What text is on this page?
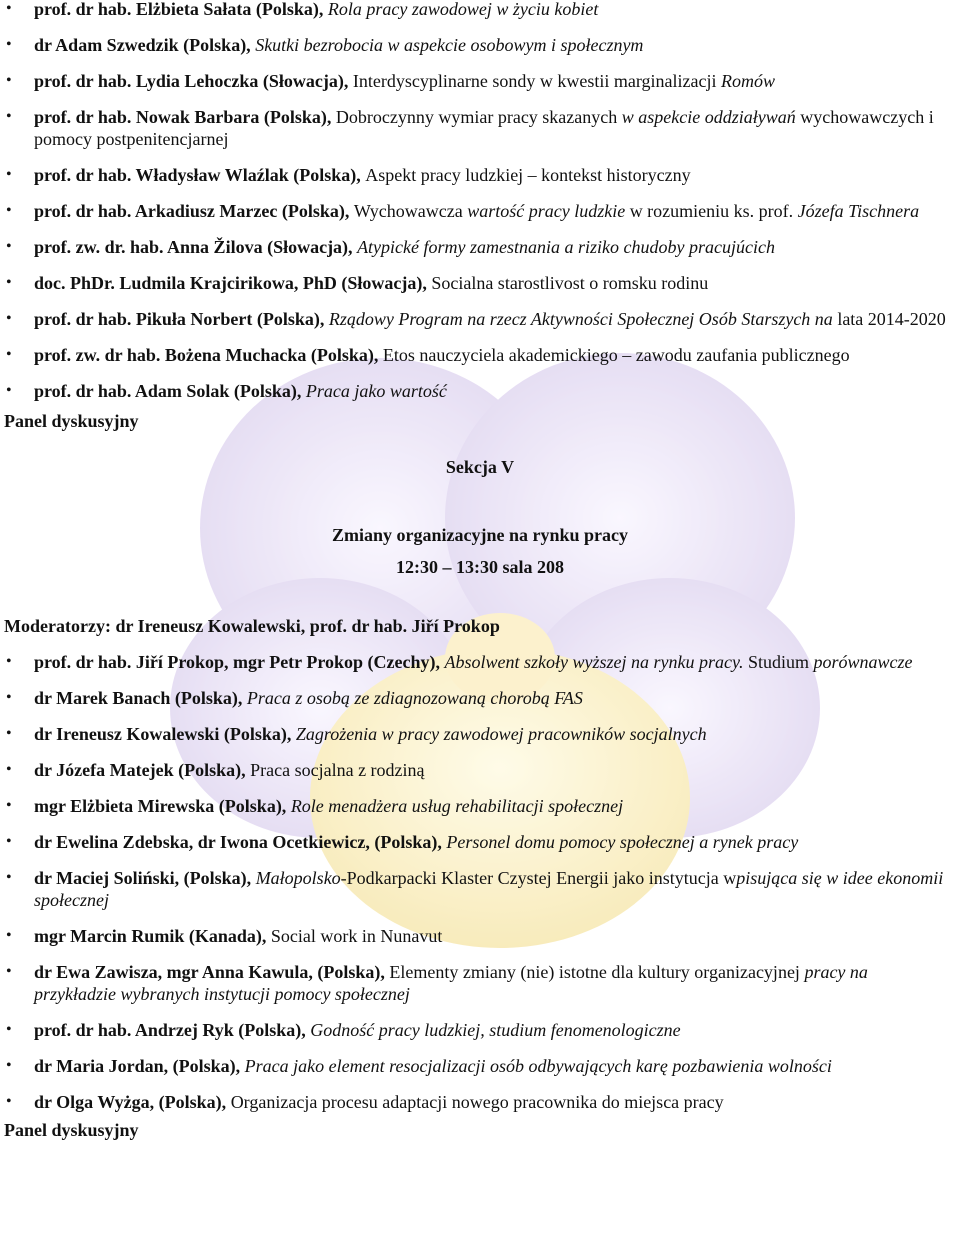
• prof. dr hab. Elżbieta Sałata (Polska), Rola pracy zawodowej w życiu kobiet
• dr Adam Szwedzik (Polska), Skutki bezrobocia w aspekcie osobowym i społecznym
• prof. dr hab. Lydia Lehoczka (Słowacja), Interdyscyplinarne sondy w kwestii marginalizacji Romów
• prof. dr hab. Nowak Barbara (Polska), Dobroczynny wymiar pracy skazanych w aspekcie oddziaływań wychowawczych i pomocy postpenitencjarnej
• prof. dr hab. Władysław Wlaźlak (Polska), Aspekt pracy ludzkiej – kontekst historyczny
• prof. dr hab. Arkadiusz Marzec (Polska), Wychowawcza wartość pracy ludzkie w rozumieniu ks. prof. Józefa Tischnera
• prof. zw. dr. hab. Anna Žilova (Słowacja), Atypické formy zamestnania a riziko chudoby pracujúcich
• doc. PhDr. Ludmila Krajcirikowa, PhD (Słowacja), Socialna starostlivost o romsku rodinu
• prof. dr hab. Pikuła Norbert (Polska), Rządowy Program na rzecz Aktywności Społecznej Osób Starszych na lata 2014-2020
• prof. zw. dr hab. Bożena Muchacka (Polska), Etos nauczyciela akademickiego – zawodu zaufania publicznego
• prof. dr hab. Adam Solak (Polska), Praca jako wartość
Panel dyskusyjny
Sekcja V
Zmiany organizacyjne na rynku pracy
12:30 – 13:30 sala 208
Moderatorzy: dr Ireneusz Kowalewski, prof. dr hab. Jiří Prokop
• prof. dr hab. Jiří Prokop, mgr Petr Prokop (Czechy), Absolwent szkoły wyższej na rynku pracy. Studium porównawcze
• dr Marek Banach (Polska), Praca z osobą ze zdiagnozowaną chorobą FAS
• dr Ireneusz Kowalewski (Polska), Zagrożenia w pracy zawodowej pracowników socjalnych
• dr Józefa Matejek (Polska), Praca socjalna z rodziną
• mgr Elżbieta Mirewska (Polska), Role menadżera usług rehabilitacji społecznej
• dr Ewelina Zdebska, dr Iwona Ocetkiewicz, (Polska), Personel domu pomocy społecznej a rynek pracy
• dr Maciej Soliński, (Polska), Małopolsko-Podkarpacki Klaster Czystej Energii jako instytucja wpisująca się w idee ekonomii społecznej
• mgr Marcin Rumik (Kanada), Social work in Nunavut
• dr Ewa Zawisza, mgr Anna Kawula, (Polska), Elementy zmiany (nie) istotne dla kultury organizacyjnej pracy na przykładzie wybranych instytucji pomocy społecznej
• prof. dr hab. Andrzej Ryk (Polska), Godność pracy ludzkiej, studium fenomenologiczne
• dr Maria Jordan, (Polska), Praca jako element resocjalizacji osób odbywających karę pozbawienia wolności
• dr Olga Wyżga, (Polska), Organizacja procesu adaptacji nowego pracownika do miejsca pracy
Panel dyskusyjny
